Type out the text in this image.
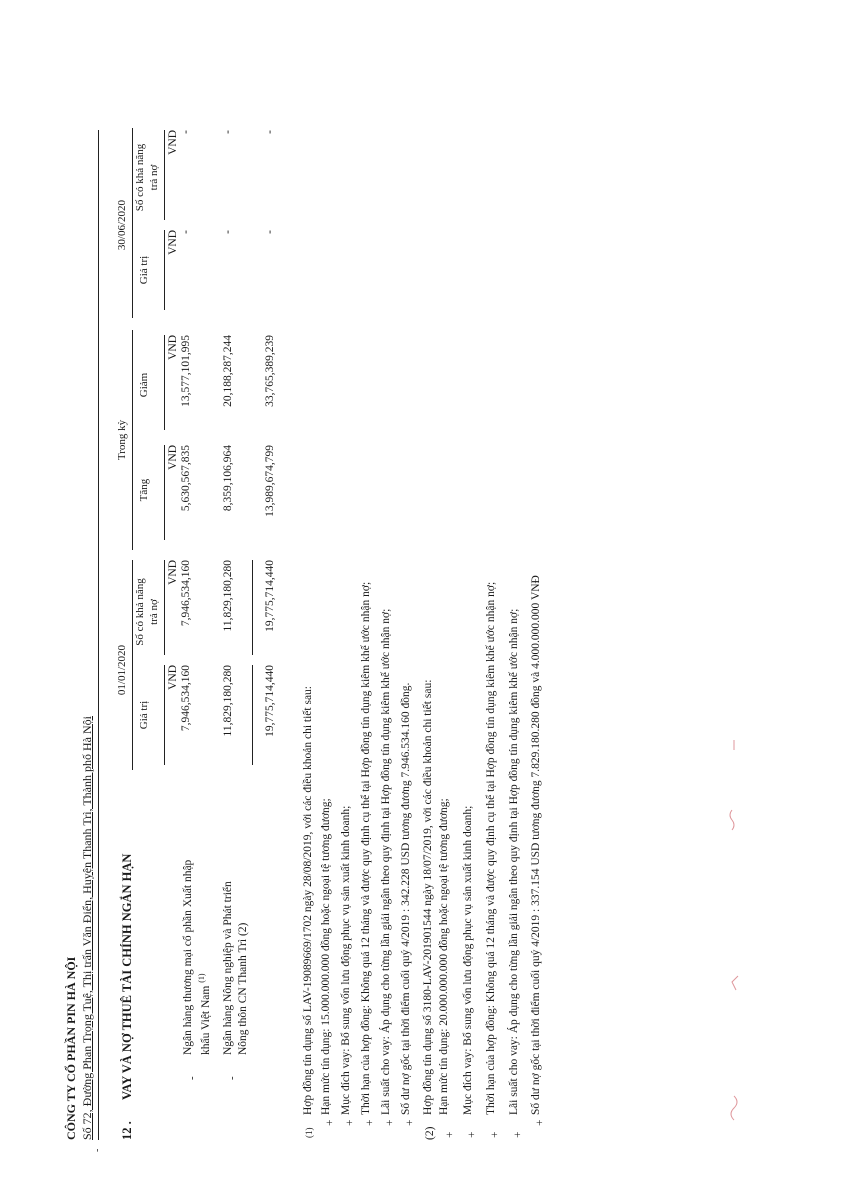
CÔNG TY CỔ PHẦN PIN HÀ NỘI Số 72, Đường Phan Trọng Tuệ, Thị trấn Văn Điển, Huyện Thanh Trì, Thành phố Hà Nội
-
12 .
VAY VÀ NỢ THUÊ TÀI CHÍNH NGẮN HẠN
01/01/2020
Trong kỳ
30/06/2020
Giá trị
Số có khả năng trả nợ
Tăng
Giảm
Giá trị
Số có khả năng trả nợ
VND
VND
VND
VND
VND
VND
-
Ngân hàng thương mại cổ phần Xuất nhập khẩu Việt Nam $^{(1)}$
7,946,534,160
7,946,534,160
5,630,567,835
13,577,101,995
-
-
-
Ngân hàng Nông nghiệp và Phát triển Nông thôn CN Thanh Trì (2)
11,829,180,280
11,829,180,280
8,359,106,964
20,188,287,244
-
-
19,775,714,440
19,775,714,440
13,989,674,799
33,765,389,239
-
-
(1)
Hợp đồng tín dụng số LAV-19089669/1702 ngày 28/08/2019, với các điều khoản chi tiết sau:
+
Hạn mức tín dụng: 15.000.000.000 đồng hoặc ngoại tệ tương đương;
+
Mục đích vay: Bổ sung vốn lưu động phục vụ sản xuất kinh doanh;
+
Thời hạn của hợp đồng: Không quá 12 tháng và được quy định cụ thể tại Hợp đồng tín dụng kiêm khế ước nhận nợ;
+
Lãi suất cho vay: Áp dụng cho từng lần giải ngân theo quy định tại Hợp đồng tín dụng kiêm khế ước nhận nợ;
+
Số dư nợ gốc tại thời điểm cuối quý 4/2019 : 342.228 USD tương đương 7.946.534.160 đồng.
(2)
Hợp đồng tín dụng số 3180-LAV-201901544 ngày 18/07/2019, với các điều khoản chi tiết sau:
+
Hạn mức tín dụng: 20.000.000.000 đồng hoặc ngoại tệ tương đương;
+
Mục đích vay: Bổ sung vốn lưu động phục vụ sản xuất kinh doanh;
+
Thời hạn của hợp đồng: Không quá 12 tháng và được quy định cụ thể tại Hợp đồng tín dụng kiêm khế ước nhận nợ;
+
Lãi suất cho vay: Áp dụng cho từng lần giải ngân theo quy định tại Hợp đồng tín dụng kiêm khế ước nhận nợ;
+
Số dư nợ gốc tại thời điểm cuối quý 4/2019 : 337.154 USD tương đương 7.829.180.280 đồng và 4.000.000.000 VNĐ
